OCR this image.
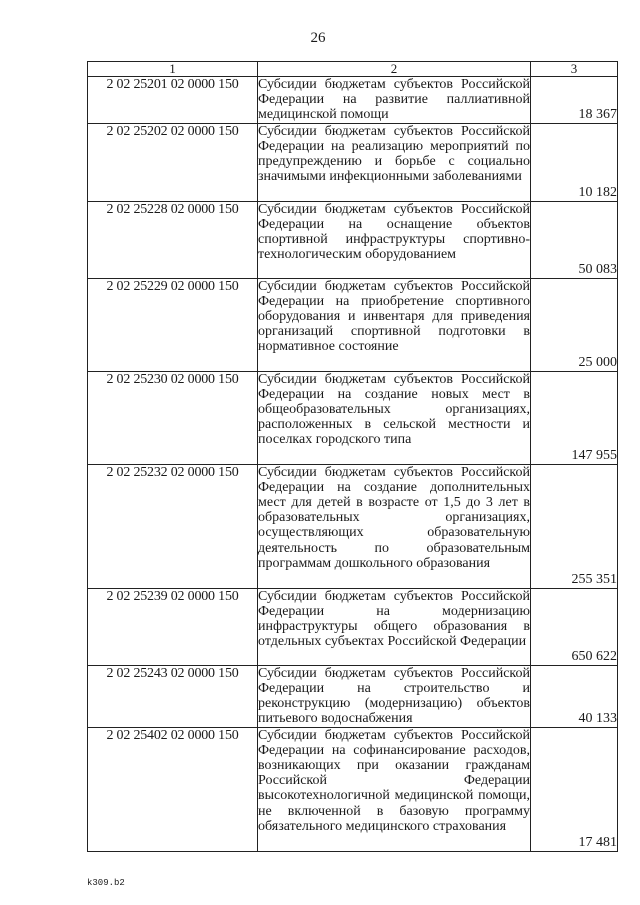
26
1	2	3
2 02 25201 02 0000 150	Субсидии бюджетам субъектов Российской Федерации на развитие паллиативной медицинской помощи	18 367
2 02 25202 02 0000 150	Субсидии бюджетам субъектов Российской Федерации на реализацию мероприятий по предупреждению и борьбе с социально значимыми инфекционными заболеваниями	10 182
2 02 25228 02 0000 150	Субсидии бюджетам субъектов Российской Федерации на оснащение объектов спортивной инфраструктуры спортивно-технологическим оборудованием	50 083
2 02 25229 02 0000 150	Субсидии бюджетам субъектов Российской Федерации на приобретение спортивного оборудования и инвентаря для приведения организаций спортивной подготовки в нормативное состояние	25 000
2 02 25230 02 0000 150	Субсидии бюджетам субъектов Российской Федерации на создание новых мест в общеобразовательных организациях, расположенных в сельской местности и поселках городского типа	147 955
2 02 25232 02 0000 150	Субсидии бюджетам субъектов Российской Федерации на создание дополнительных мест для детей в возрасте от 1,5 до 3 лет в образовательных организациях, осуществляющих образовательную деятельность по образовательным программам дошкольного образования	255 351
2 02 25239 02 0000 150	Субсидии бюджетам субъектов Российской Федерации на модернизацию инфраструктуры общего образования в отдельных субъектах Российской Федерации	650 622
2 02 25243 02 0000 150	Субсидии бюджетам субъектов Российской Федерации на строительство и реконструкцию (модернизацию) объектов питьевого водоснабжения	40 133
2 02 25402 02 0000 150	Субсидии бюджетам субъектов Российской Федерации на софинансирование расходов, возникающих при оказании гражданам Российской Федерации высокотехнологичной медицинской помощи, не включенной в базовую программу обязательного медицинского страхования	17 481
k309.b2
